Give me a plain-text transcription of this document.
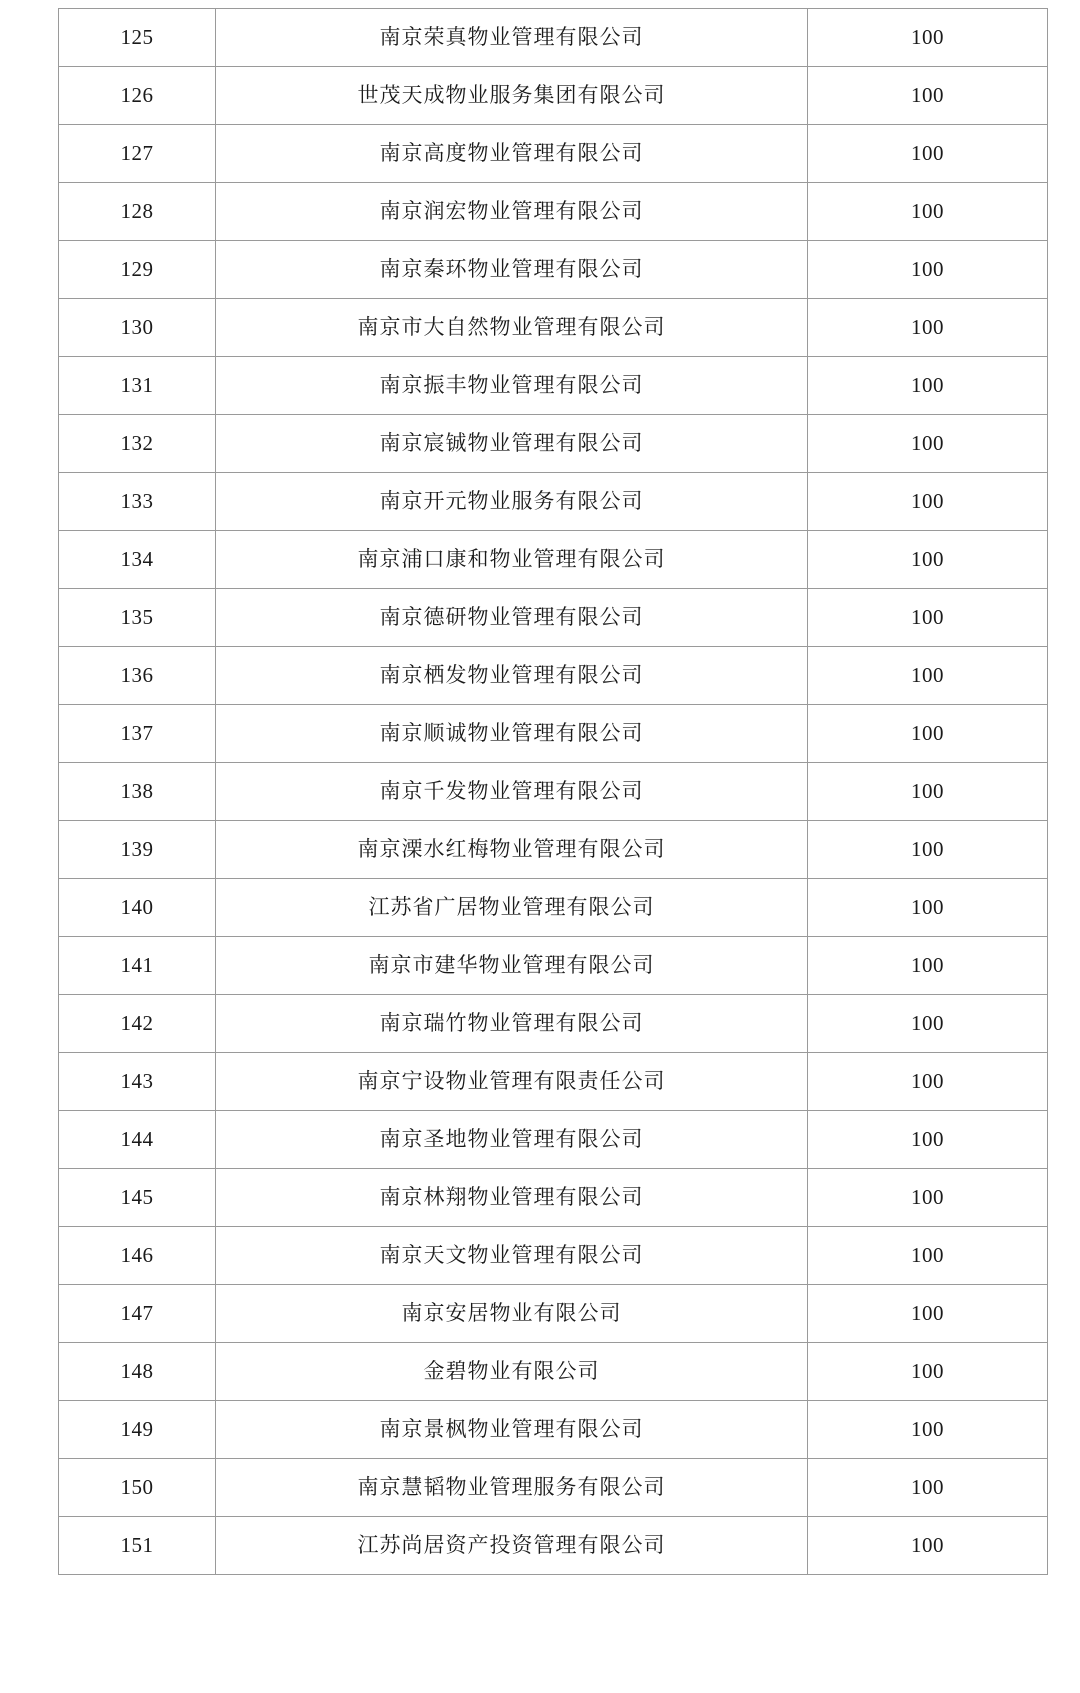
125	南京荣真物业管理有限公司	100
126	世茂天成物业服务集团有限公司	100
127	南京高度物业管理有限公司	100
128	南京润宏物业管理有限公司	100
129	南京秦环物业管理有限公司	100
130	南京市大自然物业管理有限公司	100
131	南京振丰物业管理有限公司	100
132	南京宸铖物业管理有限公司	100
133	南京开元物业服务有限公司	100
134	南京浦口康和物业管理有限公司	100
135	南京德研物业管理有限公司	100
136	南京栖发物业管理有限公司	100
137	南京顺诚物业管理有限公司	100
138	南京千发物业管理有限公司	100
139	南京溧水红梅物业管理有限公司	100
140	江苏省广居物业管理有限公司	100
141	南京市建华物业管理有限公司	100
142	南京瑞竹物业管理有限公司	100
143	南京宁设物业管理有限责任公司	100
144	南京圣地物业管理有限公司	100
145	南京林翔物业管理有限公司	100
146	南京天文物业管理有限公司	100
147	南京安居物业有限公司	100
148	金碧物业有限公司	100
149	南京景枫物业管理有限公司	100
150	南京慧韬物业管理服务有限公司	100
151	江苏尚居资产投资管理有限公司	100
